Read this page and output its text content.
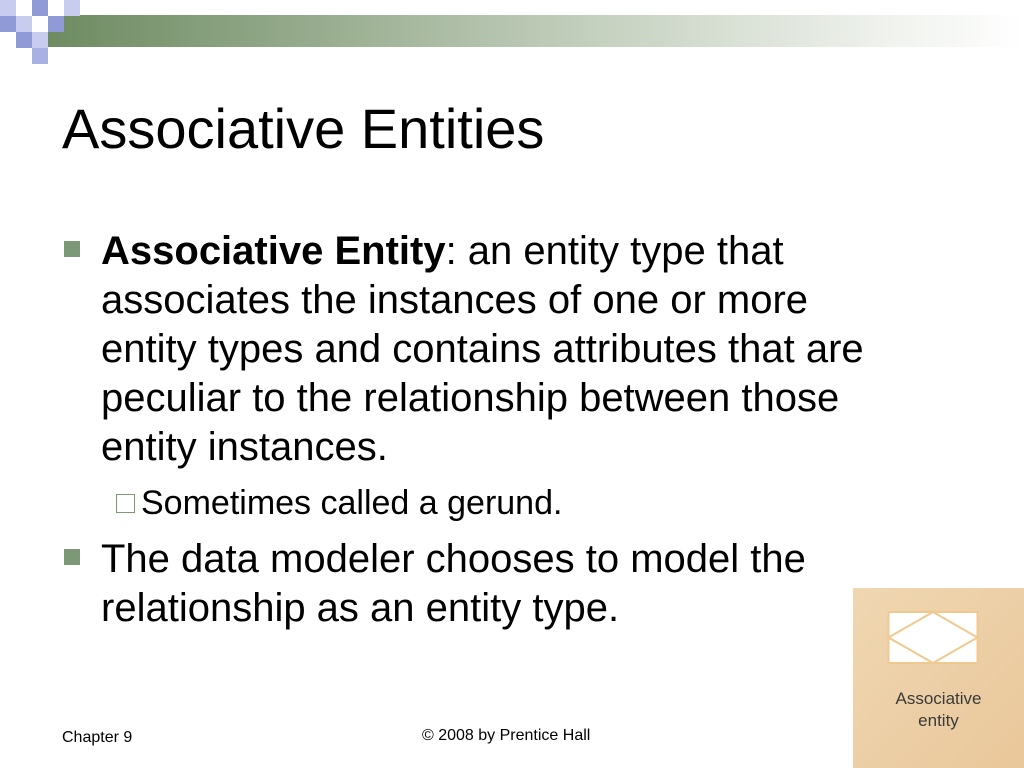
Associative Entities
Associative Entity: an entity type that associates the instances of one or more entity types and contains attributes that are peculiar to the relationship between those entity instances.
Sometimes called a gerund.
The data modeler chooses to model the relationship as an entity type.
Associative
entity
Chapter 9	© 2008 by Prentice Hall
